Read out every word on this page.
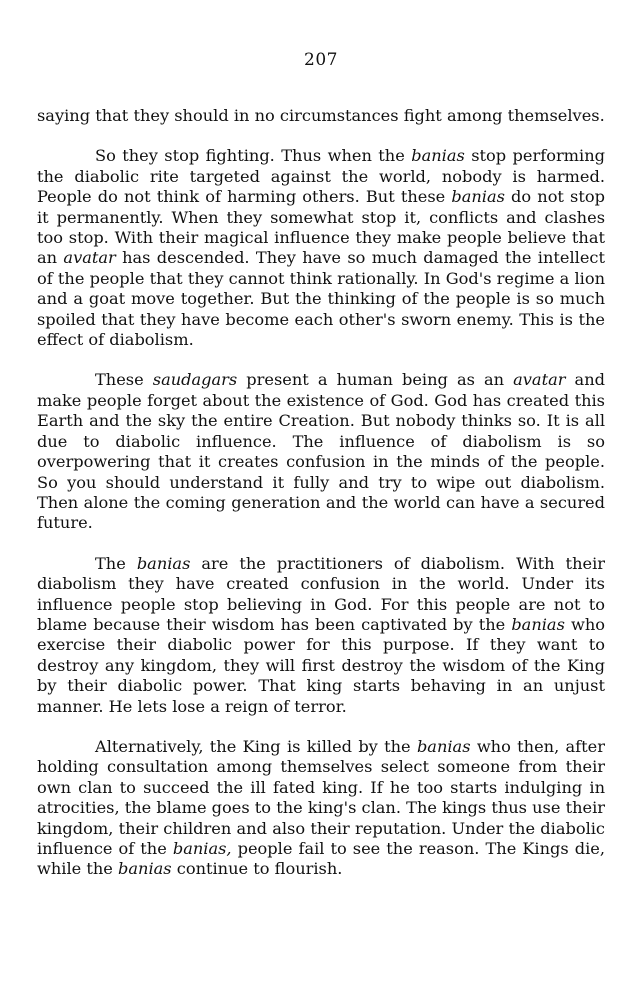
207

saying that they should in no circumstances fight among themselves.

So they stop fighting. Thus when the banias stop performing the diabolic rite targeted against the world, nobody is harmed. People do not think of harming others. But these banias do not stop it permanently. When they somewhat stop it, conflicts and clashes too stop. With their magical influence they make people believe that an avatar has descended. They have so much damaged the intellect of the people that they cannot think rationally. In God's regime a lion and a goat move together. But the thinking of the people is so much spoiled that they have become each other's sworn enemy. This is the effect of diabolism.

These saudagars present a human being as an avatar and make people forget about the existence of God. God has created this Earth and the sky the entire Creation. But nobody thinks so. It is all due to diabolic influence. The influence of diabolism is so overpowering that it creates confusion in the minds of the people. So you should understand it fully and try to wipe out diabolism. Then alone the coming generation and the world can have a secured future.

The banias are the practitioners of diabolism. With their diabolism they have created confusion in the world. Under its influence people stop believing in God. For this people are not to blame because their wisdom has been captivated by the banias who exercise their diabolic power for this purpose. If they want to destroy any kingdom, they will first destroy the wisdom of the King by their diabolic power. That king starts behaving in an unjust manner. He lets lose a reign of terror.

Alternatively, the King is killed by the banias who then, after holding consultation among themselves select someone from their own clan to succeed the ill fated king. If he too starts indulging in atrocities, the blame goes to the king's clan. The kings thus use their kingdom, their children and also their reputation. Under the diabolic influence of the banias, people fail to see the reason. The Kings die, while the banias continue to flourish.
